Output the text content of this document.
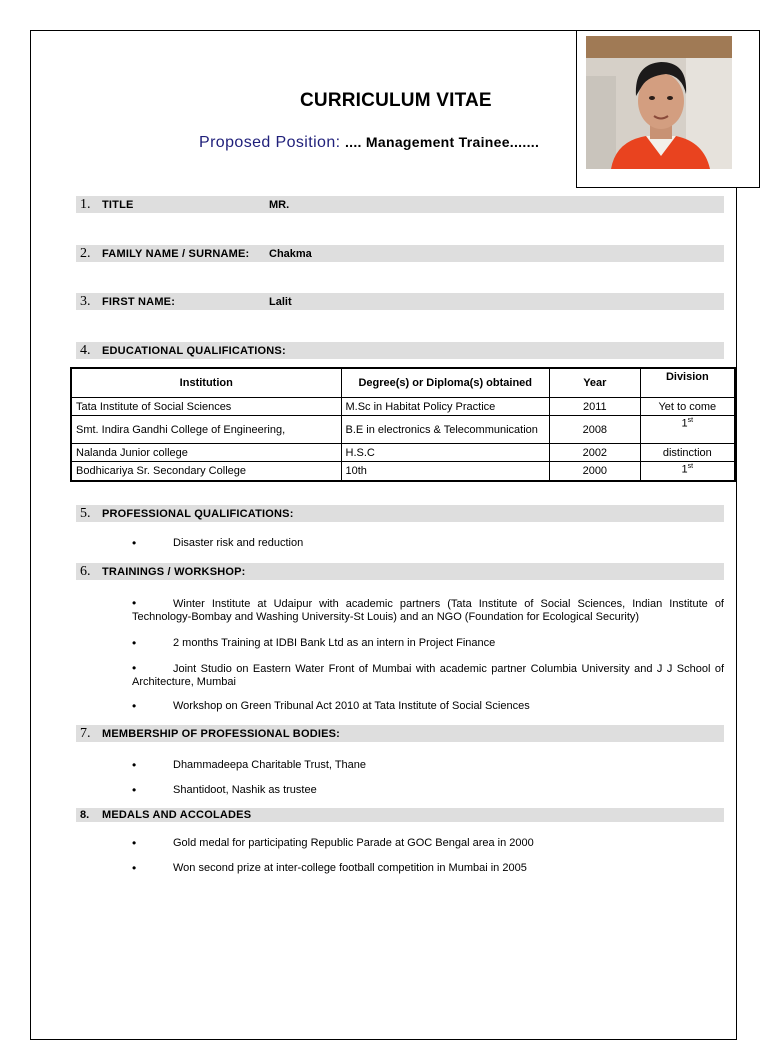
CURRICULUM VITAE
Proposed Position: .... Management Trainee.......
1.	TITLE	MR.
2.	FAMILY NAME / SURNAME: Chakma
3.	FIRST NAME:	Lalit
4.	EDUCATIONAL QUALIFICATIONS:
Institution	Degree(s) or Diploma(s) obtained	Year	Division
Tata Institute of Social Sciences	M.Sc in Habitat Policy Practice	2011	Yet to come
Smt. Indira Gandhi College of Engineering,	B.E in electronics & Telecommunication	2008	1st
Nalanda Junior college	H.S.C	2002	distinction
Bodhicariya Sr. Secondary College	10th	2000	1st
5.	PROFESSIONAL QUALIFICATIONS:
•	Disaster risk and reduction
6.	TRAININGS / WORKSHOP:
•	Winter Institute at Udaipur with academic partners (Tata Institute of Social Sciences, Indian Institute of Technology-Bombay and Washing University-St Louis) and an NGO (Foundation for Ecological Security)
•	2 months Training at IDBI Bank Ltd as an intern in Project Finance
•	Joint Studio on Eastern Water Front of Mumbai with academic partner Columbia University and J J School of Architecture, Mumbai
•	Workshop on Green Tribunal Act 2010 at Tata Institute of Social Sciences
7.	MEMBERSHIP OF PROFESSIONAL BODIES:
•	Dhammadeepa Charitable Trust, Thane
•	Shantidoot, Nashik as trustee
8.	MEDALS AND ACCOLADES
•	Gold medal for participating Republic Parade at GOC Bengal area in 2000
•	Won second prize at inter-college football competition in Mumbai in 2005
